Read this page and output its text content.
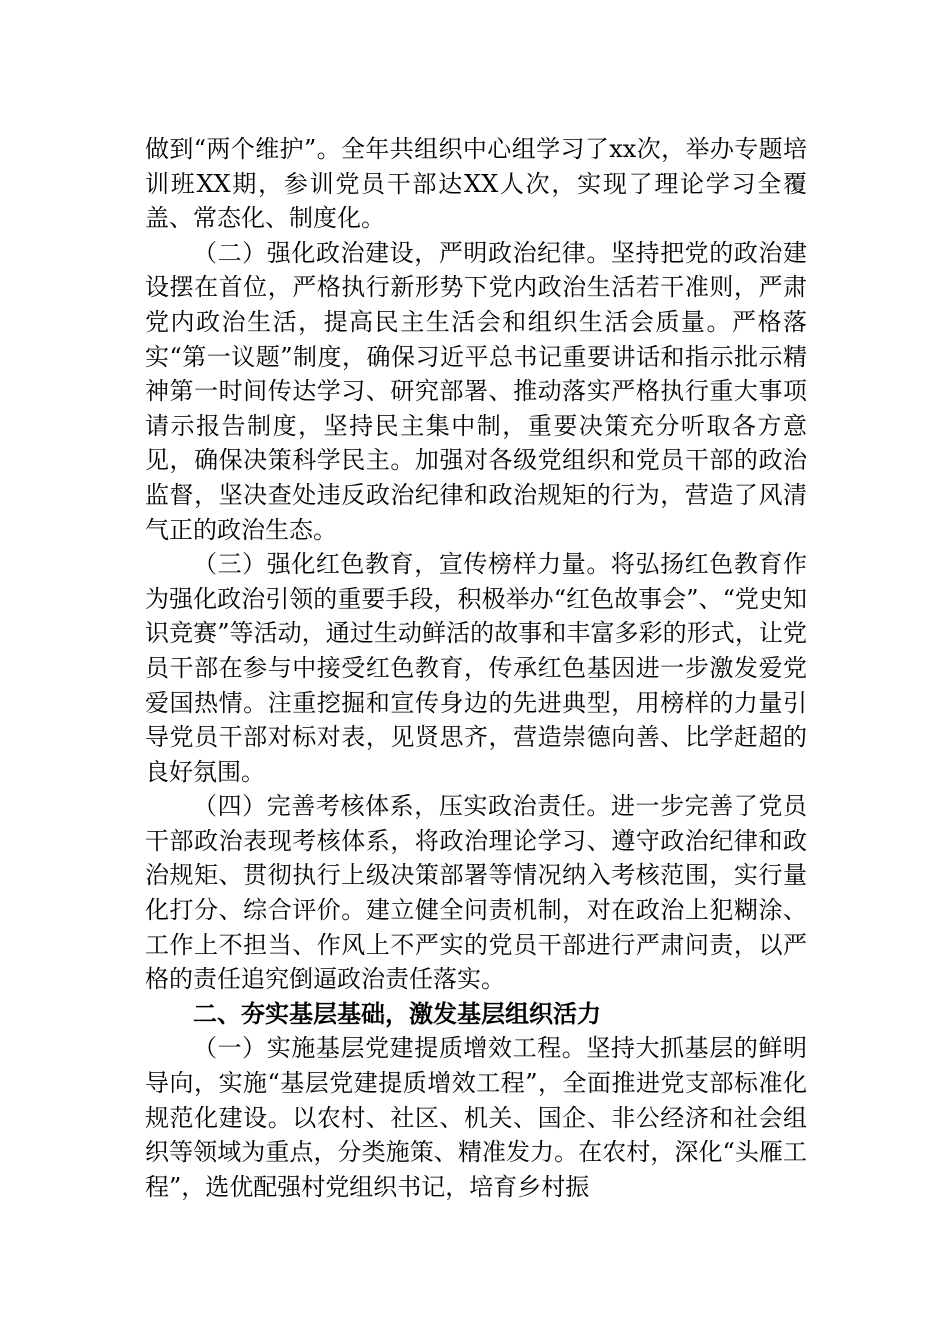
做到“两个维护”。全年共组织中心组学习了xx次，举办专题培训班XX期，参训党员干部达XX人次，实现了理论学习全覆盖、常态化、制度化。

（二）强化政治建设，严明政治纪律。坚持把党的政治建设摆在首位，严格执行新形势下党内政治生活若干准则，严肃党内政治生活，提高民主生活会和组织生活会质量。严格落实“第一议题”制度，确保习近平总书记重要讲话和指示批示精神第一时间传达学习、研究部署、推动落实严格执行重大事项请示报告制度，坚持民主集中制，重要决策充分听取各方意见，确保决策科学民主。加强对各级党组织和党员干部的政治监督，坚决查处违反政治纪律和政治规矩的行为，营造了风清气正的政治生态。

（三）强化红色教育，宣传榜样力量。将弘扬红色教育作为强化政治引领的重要手段，积极举办“红色故事会”、“党史知识竞赛”等活动，通过生动鲜活的故事和丰富多彩的形式，让党员干部在参与中接受红色教育，传承红色基因进一步激发爱党爱国热情。注重挖掘和宣传身边的先进典型，用榜样的力量引导党员干部对标对表，见贤思齐，营造崇德向善、比学赶超的良好氛围。

（四）完善考核体系，压实政治责任。进一步完善了党员干部政治表现考核体系，将政治理论学习、遵守政治纪律和政治规矩、贯彻执行上级决策部署等情况纳入考核范围，实行量化打分、综合评价。建立健全问责机制，对在政治上犯糊涂、工作上不担当、作风上不严实的党员干部进行严肃问责，以严格的责任追究倒逼政治责任落实。

二、夯实基层基础，激发基层组织活力

（一）实施基层党建提质增效工程。坚持大抓基层的鲜明导向，实施“基层党建提质增效工程”，全面推进党支部标准化规范化建设。以农村、社区、机关、国企、非公经济和社会组织等领域为重点，分类施策、精准发力。在农村，深化“头雁工程”，选优配强村党组织书记，培育乡村振
